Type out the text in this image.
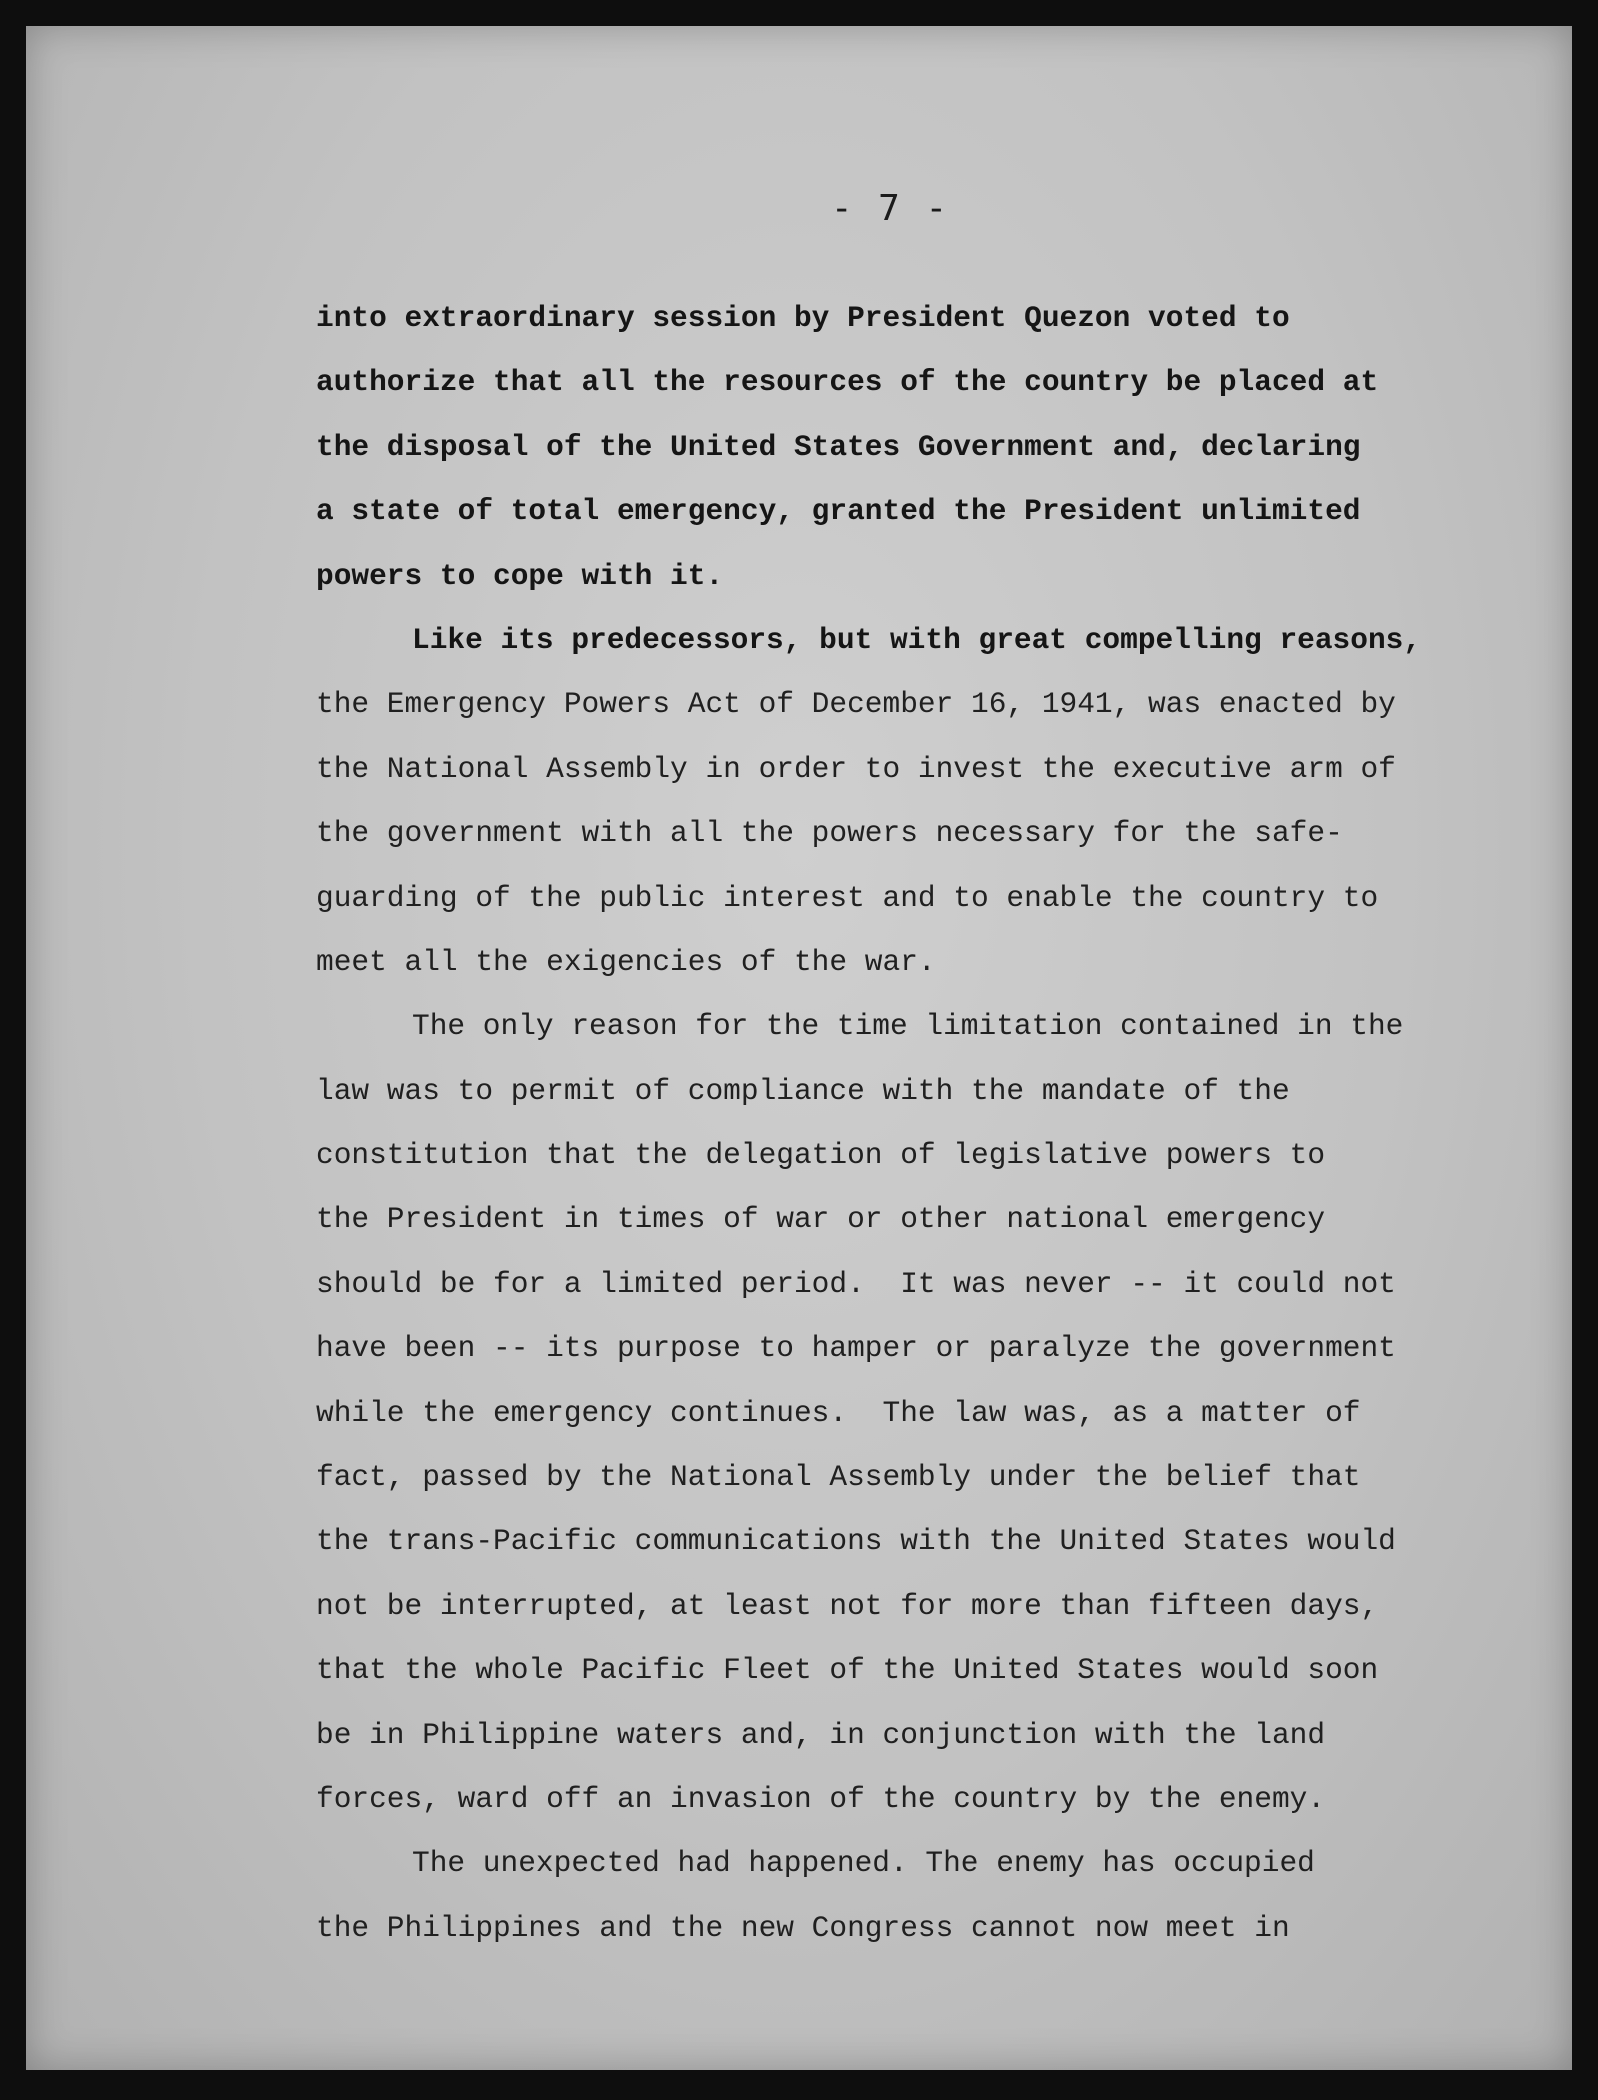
- 7 -
into extraordinary session by President Quezon voted to
authorize that all the resources of the country be placed at
the disposal of the United States Government and, declaring
a state of total emergency, granted the President unlimited
powers to cope with it.
Like its predecessors, but with great compelling reasons,
the Emergency Powers Act of December 16, 1941, was enacted by
the National Assembly in order to invest the executive arm of
the government with all the powers necessary for the safe-
guarding of the public interest and to enable the country to
meet all the exigencies of the war.
The only reason for the time limitation contained in the
law was to permit of compliance with the mandate of the
constitution that the delegation of legislative powers to
the President in times of war or other national emergency
should be for a limited period.  It was never -- it could not
have been -- its purpose to hamper or paralyze the government
while the emergency continues.  The law was, as a matter of
fact, passed by the National Assembly under the belief that
the trans-Pacific communications with the United States would
not be interrupted, at least not for more than fifteen days,
that the whole Pacific Fleet of the United States would soon
be in Philippine waters and, in conjunction with the land
forces, ward off an invasion of the country by the enemy.
The unexpected had happened. The enemy has occupied
the Philippines and the new Congress cannot now meet in
